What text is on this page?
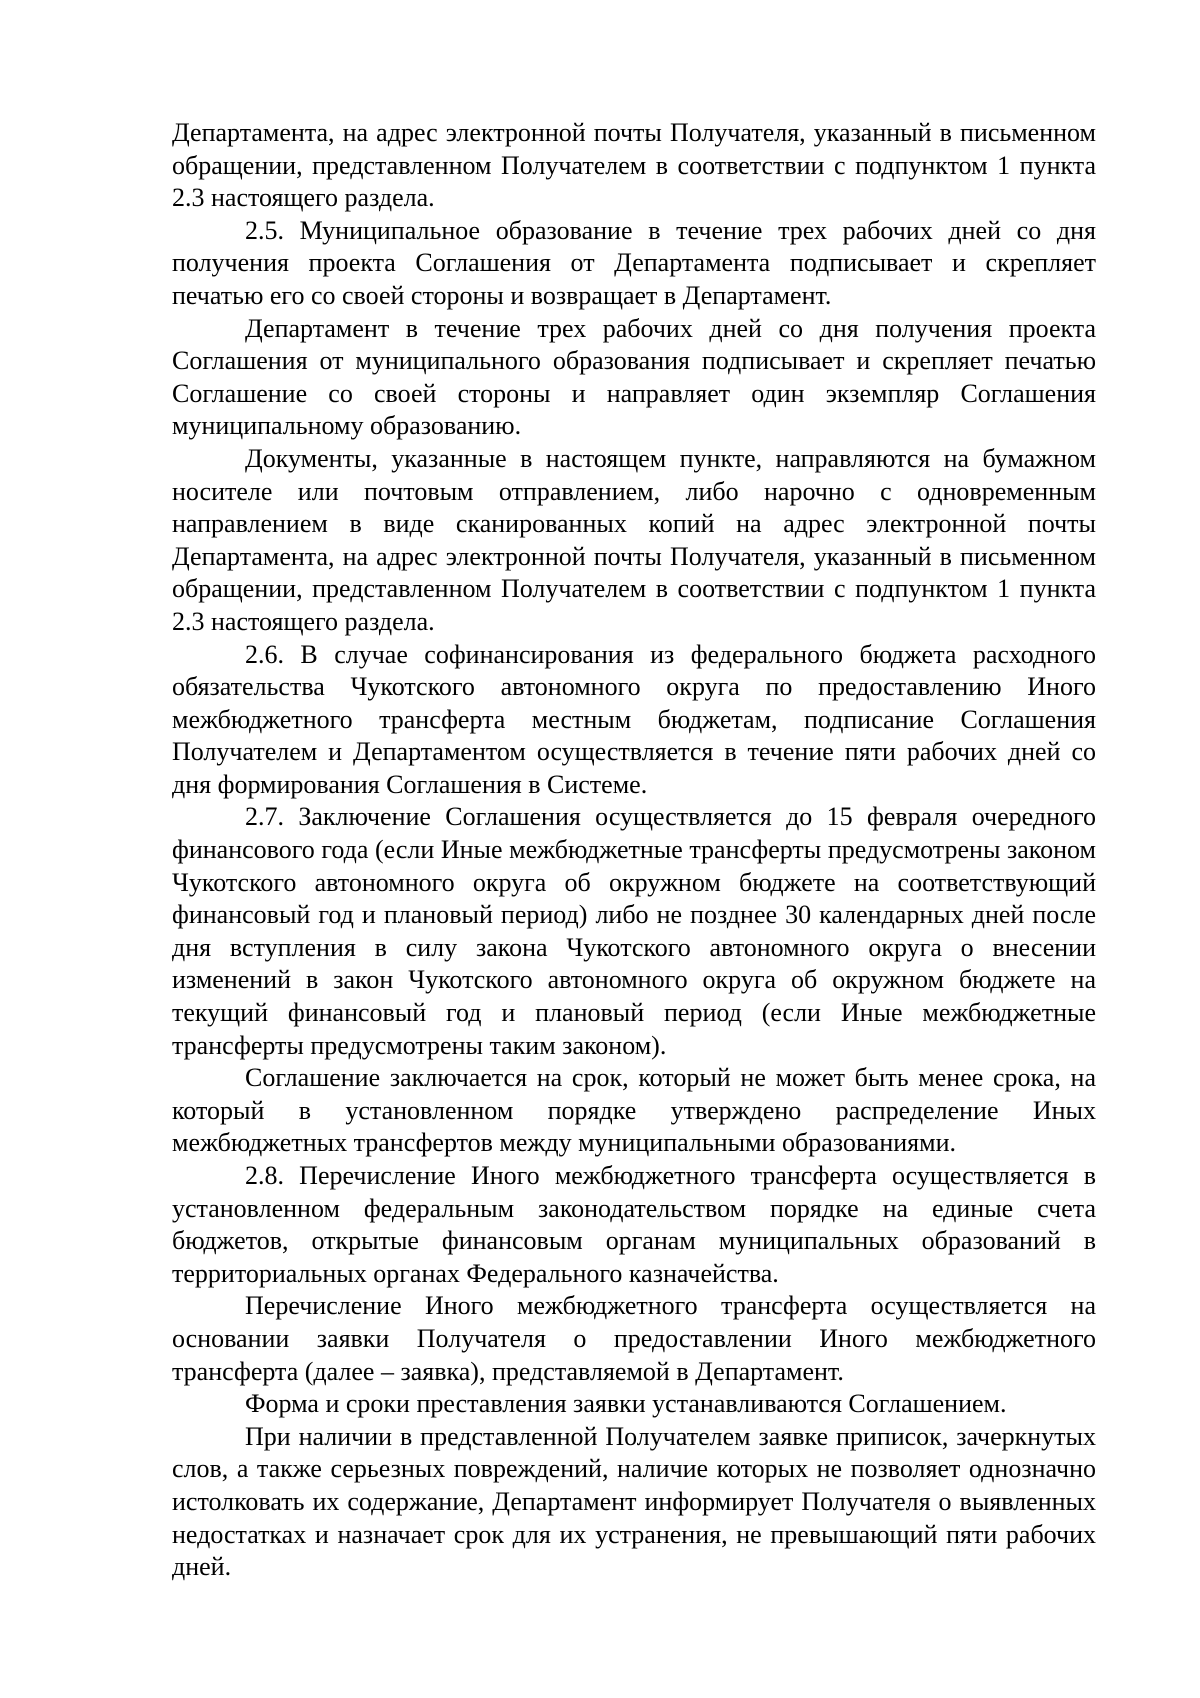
Департамента, на адрес электронной почты Получателя, указанный в письменном обращении, представленном Получателем в соответствии с подпунктом 1 пункта 2.3 настоящего раздела.

2.5. Муниципальное образование в течение трех рабочих дней со дня получения проекта Соглашения от Департамента подписывает и скрепляет печатью его со своей стороны и возвращает в Департамент.

Департамент в течение трех рабочих дней со дня получения проекта Соглашения от муниципального образования подписывает и скрепляет печатью Соглашение со своей стороны и направляет один экземпляр Соглашения муниципальному образованию.

Документы, указанные в настоящем пункте, направляются на бумажном носителе или почтовым отправлением, либо нарочно с одновременным направлением в виде сканированных копий на адрес электронной почты Департамента, на адрес электронной почты Получателя, указанный в письменном обращении, представленном Получателем в соответствии с подпунктом 1 пункта 2.3 настоящего раздела.

2.6. В случае софинансирования из федерального бюджета расходного обязательства Чукотского автономного округа по предоставлению Иного межбюджетного трансферта местным бюджетам, подписание Соглашения Получателем и Департаментом осуществляется в течение пяти рабочих дней со дня формирования Соглашения в Системе.

2.7. Заключение Соглашения осуществляется до 15 февраля очередного финансового года (если Иные межбюджетные трансферты предусмотрены законом Чукотского автономного округа об окружном бюджете на соответствующий финансовый год и плановый период) либо не позднее 30 календарных дней после дня вступления в силу закона Чукотского автономного округа о внесении изменений в закон Чукотского автономного округа об окружном бюджете на текущий финансовый год и плановый период (если Иные межбюджетные трансферты предусмотрены таким законом).

Соглашение заключается на срок, который не может быть менее срока, на который в установленном порядке утверждено распределение Иных межбюджетных трансфертов между муниципальными образованиями.

2.8. Перечисление Иного межбюджетного трансферта осуществляется в установленном федеральным законодательством порядке на единые счета бюджетов, открытые финансовым органам муниципальных образований в территориальных органах Федерального казначейства.

Перечисление Иного межбюджетного трансферта осуществляется на основании заявки Получателя о предоставлении Иного межбюджетного трансферта (далее – заявка), представляемой в Департамент.

Форма и сроки преставления заявки устанавливаются Соглашением.

При наличии в представленной Получателем заявке приписок, зачеркнутых слов, а также серьезных повреждений, наличие которых не позволяет однозначно истолковать их содержание, Департамент информирует Получателя о выявленных недостатках и назначает срок для их устранения, не превышающий пяти рабочих дней.
